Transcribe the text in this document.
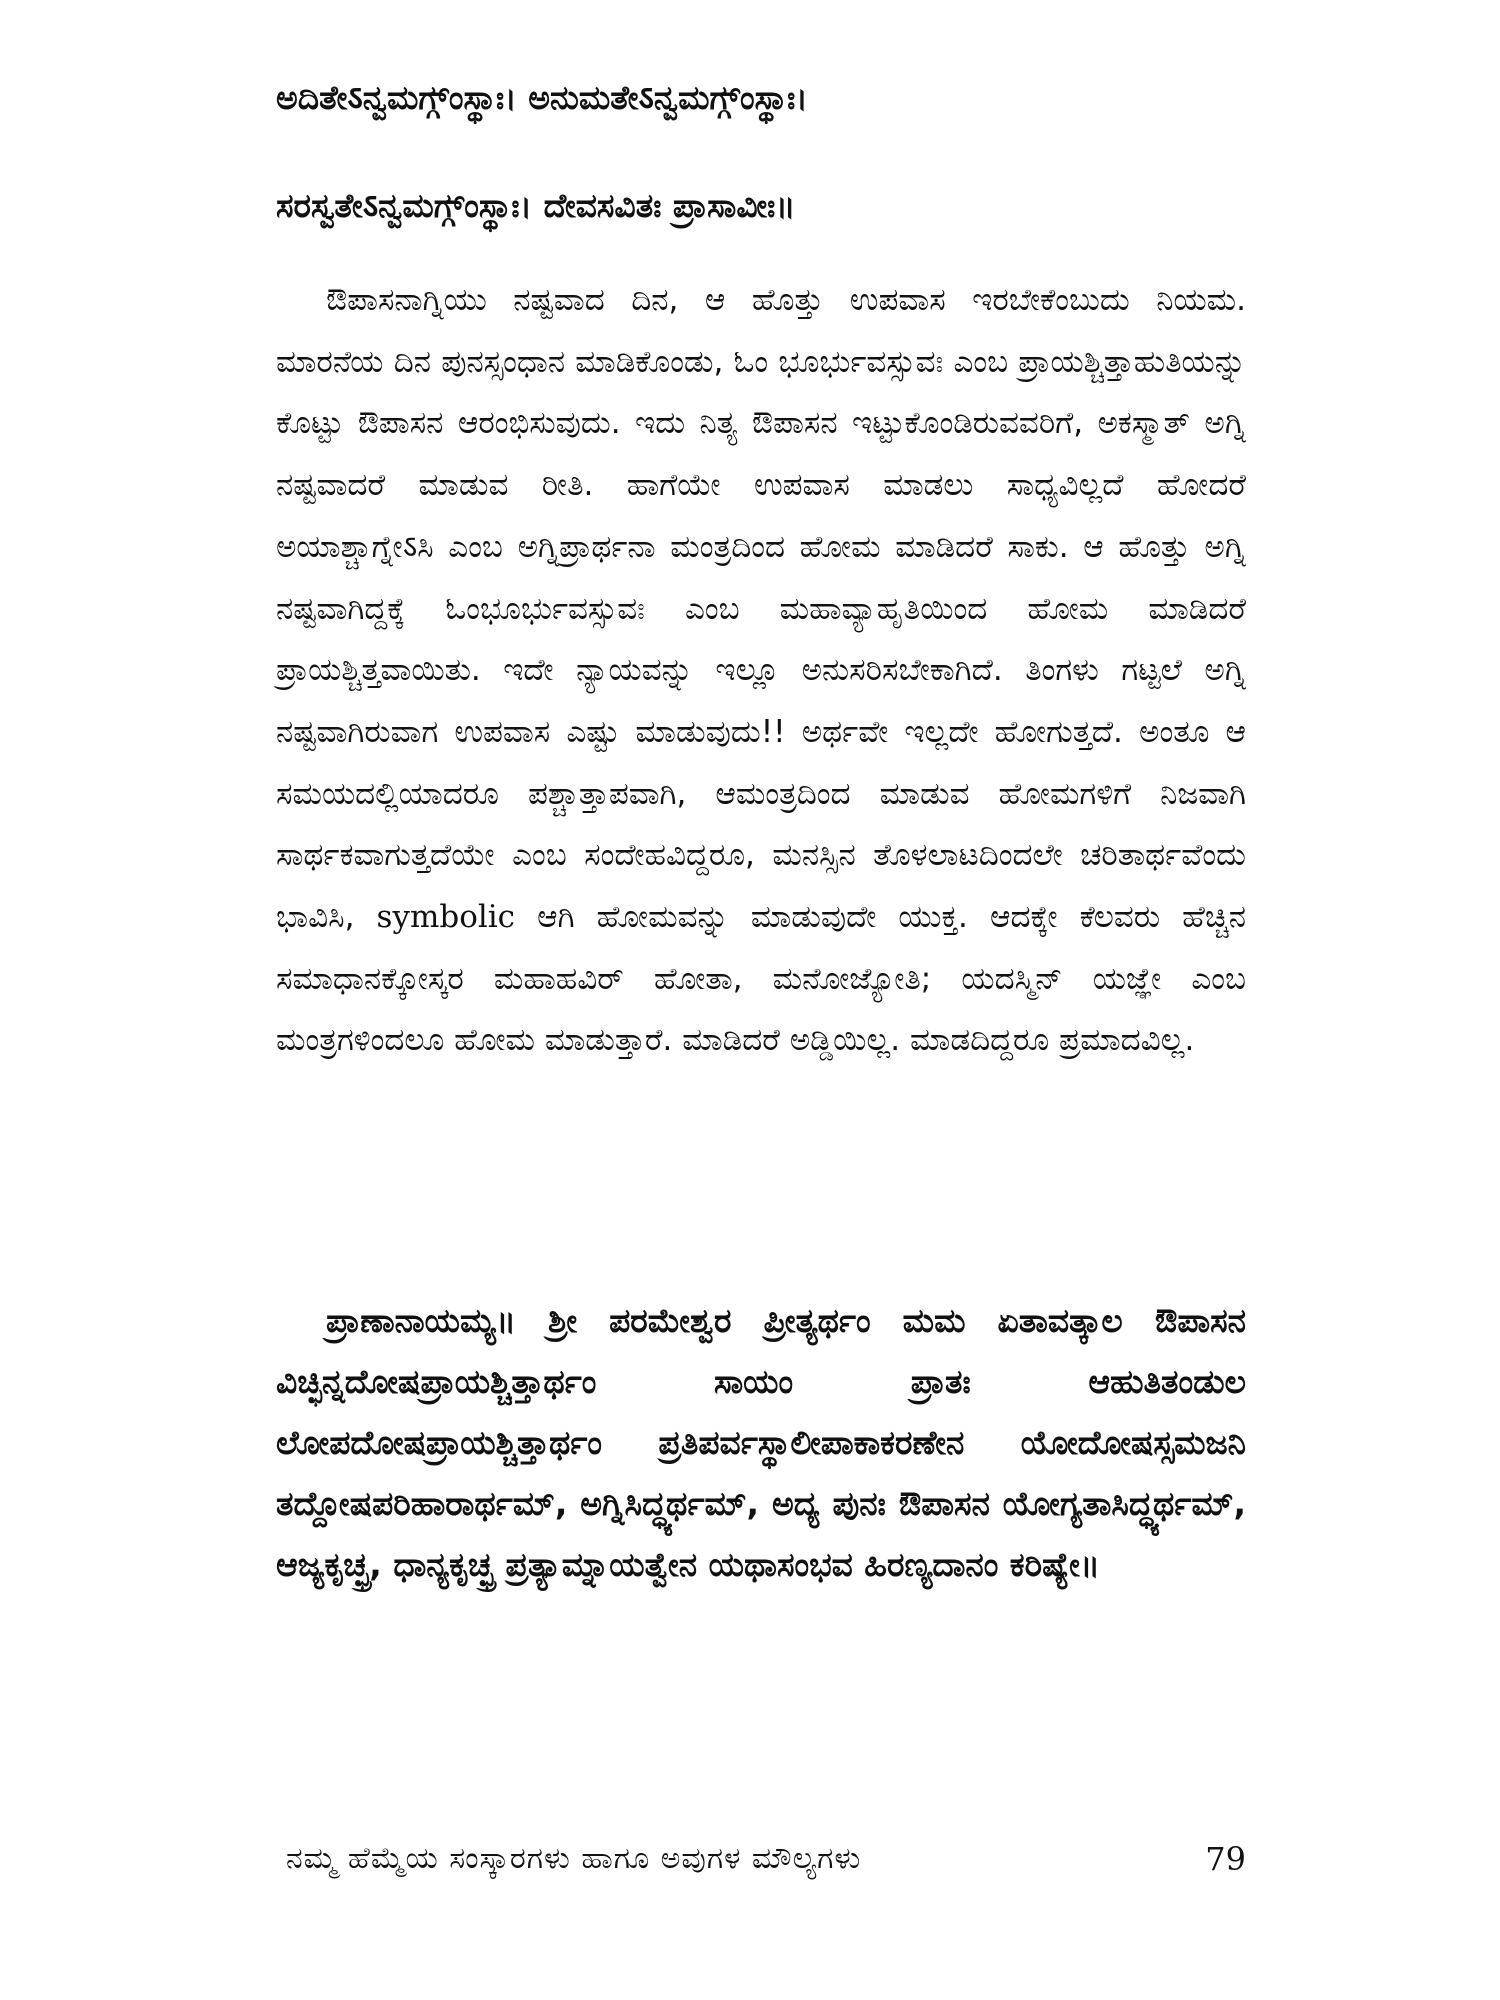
ಅದಿತೇऽನ್ವಮಗ್ಗ್ಂಸ್ಥಾಃ। ಅನುಮತೇऽನ್ವಮಗ್ಗ್ಂಸ್ಥಾಃ।
ಸರಸ್ವತೇऽನ್ವಮಗ್ಗ್ಂಸ್ಥಾಃ। ದೇವಸವಿತಃ ಪ್ರಾಸಾವೀಃ॥

ಔಪಾಸನಾಗ್ನಿಯು ನಷ್ಟವಾದ ದಿನ, ಆ ಹೊತ್ತು ಉಪವಾಸ ಇರಬೇಕೆಂಬುದು ನಿಯಮ. ಮಾರನೆಯ ದಿನ ಪುನಸ್ಸಂಧಾನ ಮಾಡಿಕೊಂಡು, ಓಂ ಭೂರ್ಭುವಸ್ಸುವಃ ಎಂಬ ಪ್ರಾಯಶ್ಚಿತ್ತಾಹುತಿಯನ್ನು ಕೊಟ್ಟು ಔಪಾಸನ ಆರಂಭಿಸುವುದು. ಇದು ನಿತ್ಯ ಔಪಾಸನ ಇಟ್ಟುಕೊಂಡಿರುವವರಿಗೆ, ಅಕಸ್ಮಾತ್ ಅಗ್ನಿ ನಷ್ಟವಾದರೆ ಮಾಡುವ ರೀತಿ. ಹಾಗೆಯೇ ಉಪವಾಸ ಮಾಡಲು ಸಾಧ್ಯವಿಲ್ಲದೆ ಹೋದರೆ ಅಯಾಶ್ಚಾಗ್ನೇऽಸಿ ಎಂಬ ಅಗ್ನಿಪ್ರಾರ್ಥನಾ ಮಂತ್ರದಿಂದ ಹೋಮ ಮಾಡಿದರೆ ಸಾಕು. ಆ ಹೊತ್ತು ಅಗ್ನಿ ನಷ್ಟವಾಗಿದ್ದಕ್ಕೆ ಓಂಭೂರ್ಭುವಸ್ಸುವಃ ಎಂಬ ಮಹಾವ್ಯಾಹೃತಿಯಿಂದ ಹೋಮ ಮಾಡಿದರೆ ಪ್ರಾಯಶ್ಚಿತ್ತವಾಯಿತು. ಇದೇ ನ್ಯಾಯವನ್ನು ಇಲ್ಲೂ ಅನುಸರಿಸಬೇಕಾಗಿದೆ. ತಿಂಗಳು ಗಟ್ಟಲೆ ಅಗ್ನಿ ನಷ್ಟವಾಗಿರುವಾಗ ಉಪವಾಸ ಎಷ್ಟು ಮಾಡುವುದು!! ಅರ್ಥವೇ ಇಲ್ಲದೇ ಹೋಗುತ್ತದೆ. ಅಂತೂ ಆ ಸಮಯದಲ್ಲಿಯಾದರೂ ಪಶ್ಚಾತ್ತಾಪವಾಗಿ, ಆಮಂತ್ರದಿಂದ ಮಾಡುವ ಹೋಮಗಳಿಗೆ ನಿಜವಾಗಿ ಸಾರ್ಥಕವಾಗುತ್ತದೆಯೇ ಎಂಬ ಸಂದೇಹವಿದ್ದರೂ, ಮನಸ್ಸಿನ ತೊಳಲಾಟದಿಂದಲೇ ಚರಿತಾರ್ಥವೆಂದು ಭಾವಿಸಿ, symbolic ಆಗಿ ಹೋಮವನ್ನು ಮಾಡುವುದೇ ಯುಕ್ತ. ಆದಕ್ಕೇ ಕೆಲವರು ಹೆಚ್ಚಿನ ಸಮಾಧಾನಕ್ಕೋಸ್ಕರ ಮಹಾಹವಿರ್ ಹೋತಾ, ಮನೋಜ್ಯೋತಿ; ಯದಸ್ಮಿನ್ ಯಜ್ಞೇ ಎಂಬ ಮಂತ್ರಗಳಿಂದಲೂ ಹೋಮ ಮಾಡುತ್ತಾರೆ. ಮಾಡಿದರೆ ಅಡ್ಡಿಯಿಲ್ಲ. ಮಾಡದಿದ್ದರೂ ಪ್ರಮಾದವಿಲ್ಲ.

ಪ್ರಾಣಾನಾಯಮ್ಯ॥ ಶ್ರೀ ಪರಮೇಶ್ವರ ಪ್ರೀತ್ಯರ್ಥಂ ಮಮ ಏತಾವತ್ಕಾಲ ಔಪಾಸನ ವಿಚ್ಛಿನ್ನದೋಷಪ್ರಾಯಶ್ಚಿತ್ತಾರ್ಥಂ ಸಾಯಂ ಪ್ರಾತಃ ಆಹುತಿತಂಡುಲ ಲೋಪದೋಷಪ್ರಾಯಶ್ಚಿತ್ತಾರ್ಥಂ ಪ್ರತಿಪರ್ವಸ್ಥಾಲೀಪಾಕಾಕರಣೇನ ಯೋದೋಷಸ್ಸಮಜನಿ ತದ್ದೋಷಪರಿಹಾರಾರ್ಥಮ್, ಅಗ್ನಿಸಿದ್ಧ್ಯರ್ಥಮ್, ಅದ್ಯ ಪುನಃ ಔಪಾಸನ ಯೋಗ್ಯತಾಸಿದ್ಧ್ಯರ್ಥಮ್, ಆಜ್ಯಕೃಚ್ಛ್ರ, ಧಾನ್ಯಕೃಚ್ಛ್ರ ಪ್ರತ್ಯಾಮ್ನಾಯತ್ವೇನ ಯಥಾಸಂಭವ ಹಿರಣ್ಯದಾನಂ ಕರಿಷ್ಯೇ॥

ನಮ್ಮ ಹೆಮ್ಮೆಯ ಸಂಸ್ಕಾರಗಳು ಹಾಗೂ ಅವುಗಳ ಮೌಲ್ಯಗಳು	79
